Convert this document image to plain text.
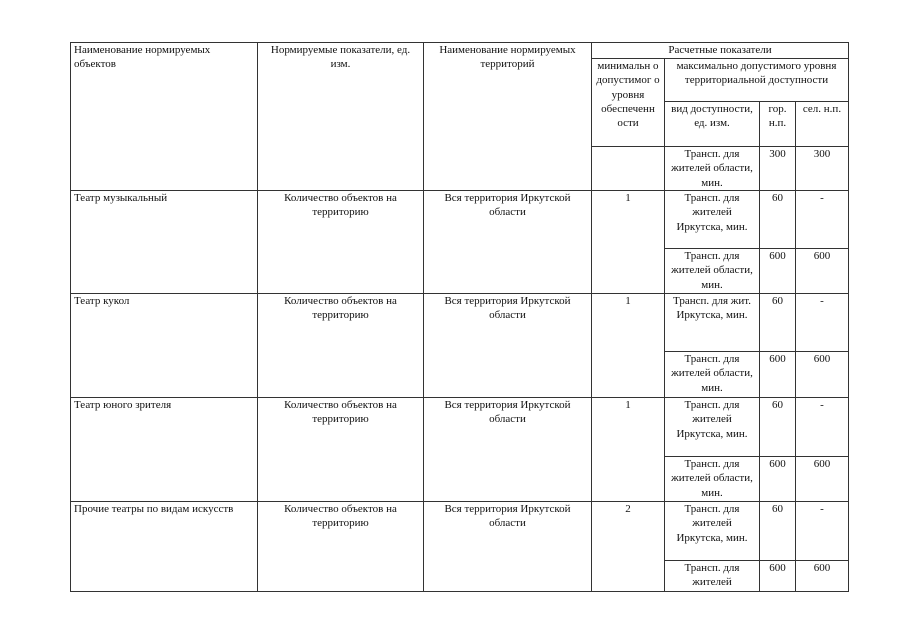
Наименование нормируемых объектов	Нормируемые показатели, ед. изм.	Наименование нормируемых территорий	Расчетные показатели			
			минимальн о допустимог о уровня обеспеченн ости	максимально допустимого уровня территориальной доступности		
				вид доступности, ед. изм.	гор. н.п.	сел. н.п.
				Трансп. для жителей области, мин.	300	300
Театр музыкальный	Количество объектов на территорию	Вся территория Иркутской области	1	Трансп. для жителей Иркутска, мин.	60	-
				Трансп. для жителей области, мин.	600	600
Театр кукол	Количество объектов на территорию	Вся территория Иркутской области	1	Трансп. для жит. Иркутска, мин.	60	-
				Трансп. для жителей области, мин.	600	600
Театр юного зрителя	Количество объектов на территорию	Вся территория Иркутской области	1	Трансп. для жителей Иркутска, мин.	60	-
				Трансп. для жителей области, мин.	600	600
Прочие театры по видам искусств	Количество объектов на территорию	Вся территория Иркутской области	2	Трансп. для жителей Иркутска, мин.	60	-
				Трансп. для жителей	600	600
